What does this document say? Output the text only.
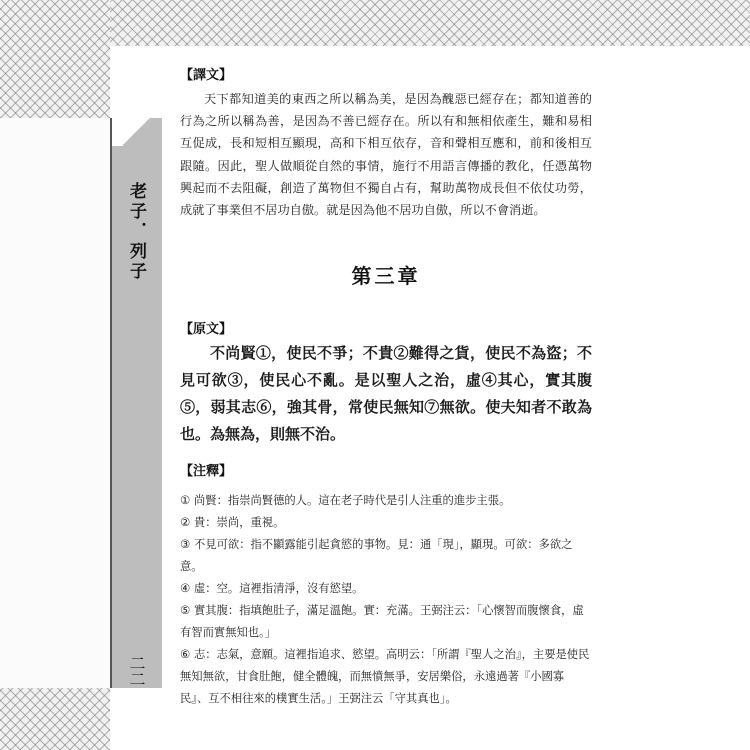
老子．列子
二二
【譯文】
天下都知道美的東西之所以稱為美，是因為醜惡已經存在；都知道善的行為之所以稱為善，是因為不善已經存在。所以有和無相依產生，難和易相互促成，長和短相互顯現，高和下相互依存，音和聲相互應和，前和後相互跟隨。因此，聖人做順從自然的事情，施行不用語言傳播的教化，任憑萬物興起而不去阻礙，創造了萬物但不獨自占有，幫助萬物成長但不依仗功勞，成就了事業但不居功自傲。就是因為他不居功自傲，所以不會消逝。
第三章
【原文】
不尚賢①，使民不爭；不貴②難得之貨，使民不為盜；不見可欲③，使民心不亂。是以聖人之治，虛④其心，實其腹⑤，弱其志⑥，強其骨，常使民無知⑦無欲。使夫知者不敢為也。為無為，則無不治。
【注釋】
① 尚賢：指崇尚賢德的人。這在老子時代是引人注重的進步主張。
② 貴：崇尚，重視。
③ 不見可欲：指不顯露能引起貪慾的事物。見：通「現」，顯現。可欲：多欲之意。
④ 虛：空。這裡指清淨，沒有慾望。
⑤ 實其腹：指填飽肚子，滿足溫飽。實：充滿。王弼注云：「心懷智而腹懷食，虛有智而實無知也。」
⑥ 志：志氣，意願。這裡指追求、慾望。高明云：「所謂『聖人之治』，主要是使民無知無欲，甘食肚飽，健全體魄，而無憤無爭，安居樂俗，永遠過著『小國寡民』、互不相往來的樸實生活。」王弼注云「守其真也」。
